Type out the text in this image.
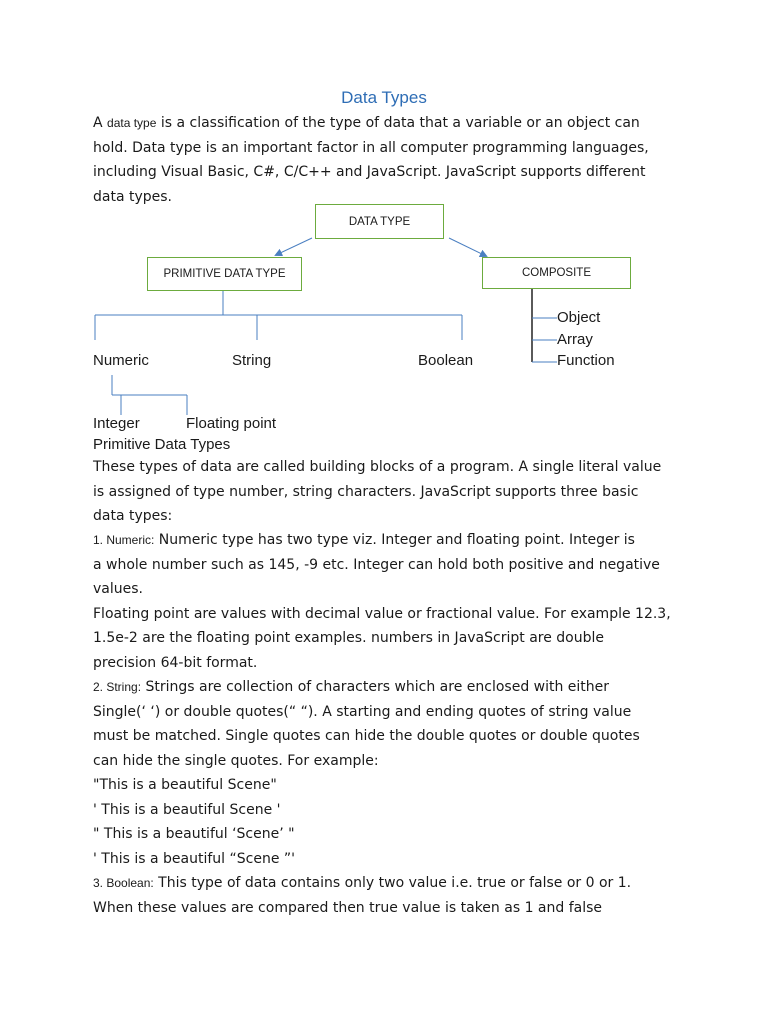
Data Types
A data type is a classification of the type of data that a variable or an object can
hold. Data type is an important factor in all computer programming languages,
including Visual Basic, C#, C/C++ and JavaScript. JavaScript supports different
data types.
DATA TYPE
PRIMITIVE DATA TYPE	COMPOSITE
Numeric	String	Boolean
Integer	Floating point
Object
Array
Function
Primitive Data Types
These types of data are called building blocks of a program. A single literal value
is assigned of type number, string characters. JavaScript supports three basic
data types:
1. Numeric: Numeric type has two type viz. Integer and floating point. Integer is
a whole number such as 145, -9 etc. Integer can hold both positive and negative
values.
Floating point are values with decimal value or fractional value. For example 12.3,
1.5e-2 are the floating point examples. numbers in JavaScript are double
precision 64-bit format.
2. String: Strings are collection of characters which are enclosed with either
Single(‘ ‘) or double quotes(“ “). A starting and ending quotes of string value
must be matched. Single quotes can hide the double quotes or double quotes
can hide the single quotes. For example:
"This is a beautiful Scene"
' This is a beautiful Scene '
" This is a beautiful ‘Scene’ "
' This is a beautiful “Scene ”'
3. Boolean: This type of data contains only two value i.e. true or false or 0 or 1.
When these values are compared then true value is taken as 1 and false
